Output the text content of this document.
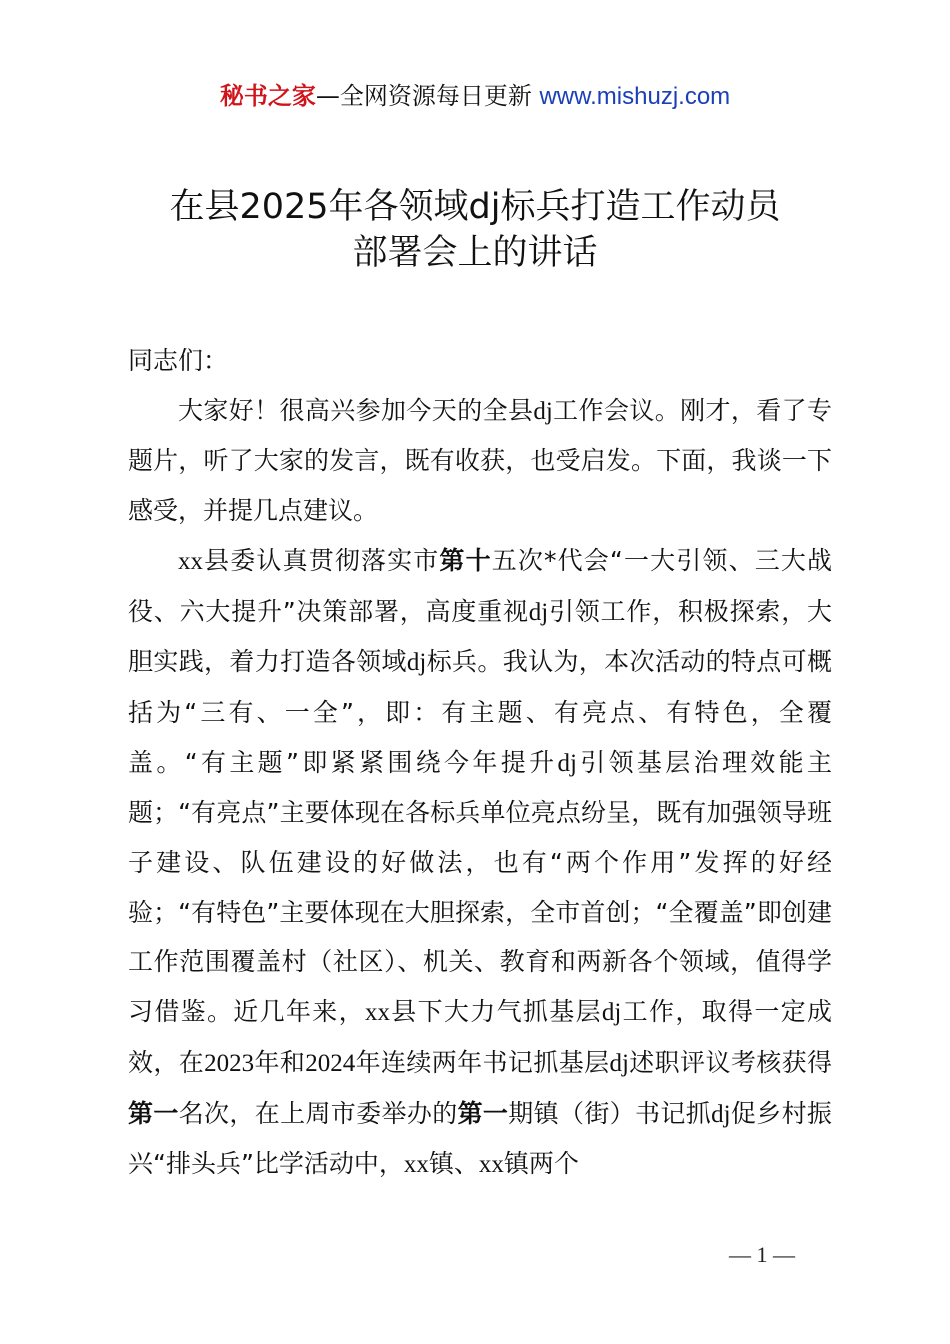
秘书之家—全网资源每日更新 www.mishuzj.com
在县2025年各领域dj标兵打造工作动员
部署会上的讲话

同志们：

大家好！很高兴参加今天的全县dj工作会议。刚才，看了专题片，听了大家的发言，既有收获，也受启发。下面，我谈一下感受，并提几点建议。

xx县委认真贯彻落实市第十五次*代会“一大引领、三大战役、六大提升”决策部署，高度重视dj引领工作，积极探索，大胆实践，着力打造各领域dj标兵。我认为，本次活动的特点可概括为“三有、一全”，即：有主题、有亮点、有特色，全覆盖。“有主题”即紧紧围绕今年提升dj引领基层治理效能主题；“有亮点”主要体现在各标兵单位亮点纷呈，既有加强领导班子建设、队伍建设的好做法，也有“两个作用”发挥的好经验；“有特色”主要体现在大胆探索，全市首创；“全覆盖”即创建工作范围覆盖村（社区）、机关、教育和两新各个领域，值得学习借鉴。近几年来，xx县下大力气抓基层dj工作，取得一定成效，在2023年和2024年连续两年书记抓基层dj述职评议考核获得第一名次，在上周市委举办的第一期镇（街）书记抓dj促乡村振兴“排头兵”比学活动中，xx镇、xx镇两个

— 1 —
